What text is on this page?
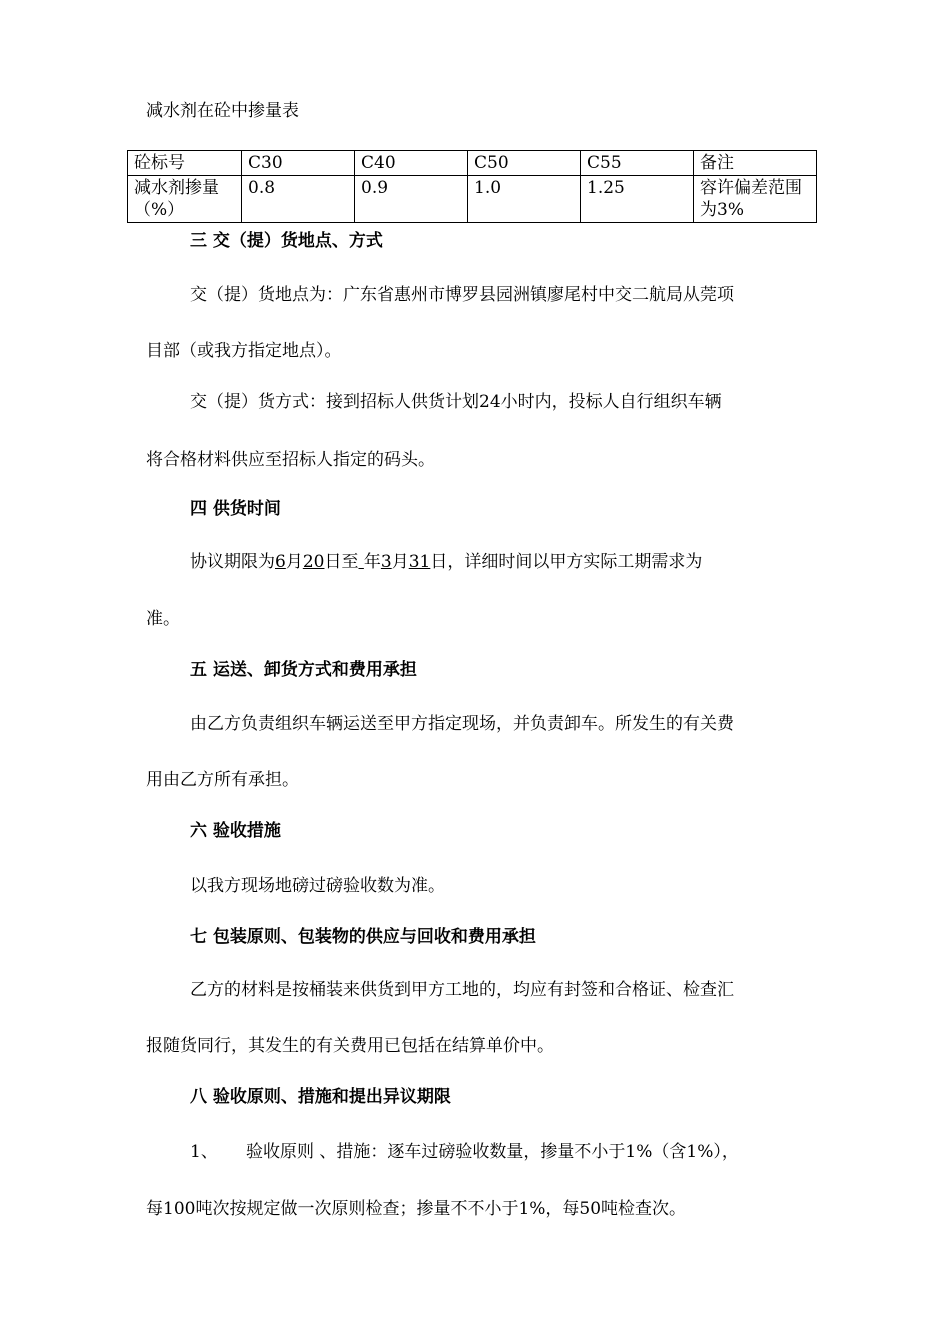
减水剂在砼中掺量表
砼标号	C30	C40	C50	C55	备注
减水剂掺量（%）	0.8	0.9	1.0	1.25	容许偏差范围为3%
三 交（提）货地点、方式
交（提）货地点为：广东省惠州市博罗县园洲镇廖尾村中交二航局从莞项
目部（或我方指定地点）。
交（提）货方式：接到招标人供货计划24小时内，投标人自行组织车辆
将合格材料供应至招标人指定的码头。
四 供货时间
协议期限为6月20日至 年3月31日，详细时间以甲方实际工期需求为
准。
五 运送、卸货方式和费用承担
由乙方负责组织车辆运送至甲方指定现场，并负责卸车。所发生的有关费
用由乙方所有承担。
六 验收措施
以我方现场地磅过磅验收数为准。
七 包装原则、包装物的供应与回收和费用承担
乙方的材料是按桶装来供货到甲方工地的，均应有封签和合格证、检查汇
报随货同行，其发生的有关费用已包括在结算单价中。
八 验收原则、措施和提出异议期限
1、 验收原则 、措施：逐车过磅验收数量，掺量不小于1%（含1%），
每100吨次按规定做一次原则检查；掺量不不小于1%，每50吨检查次。
